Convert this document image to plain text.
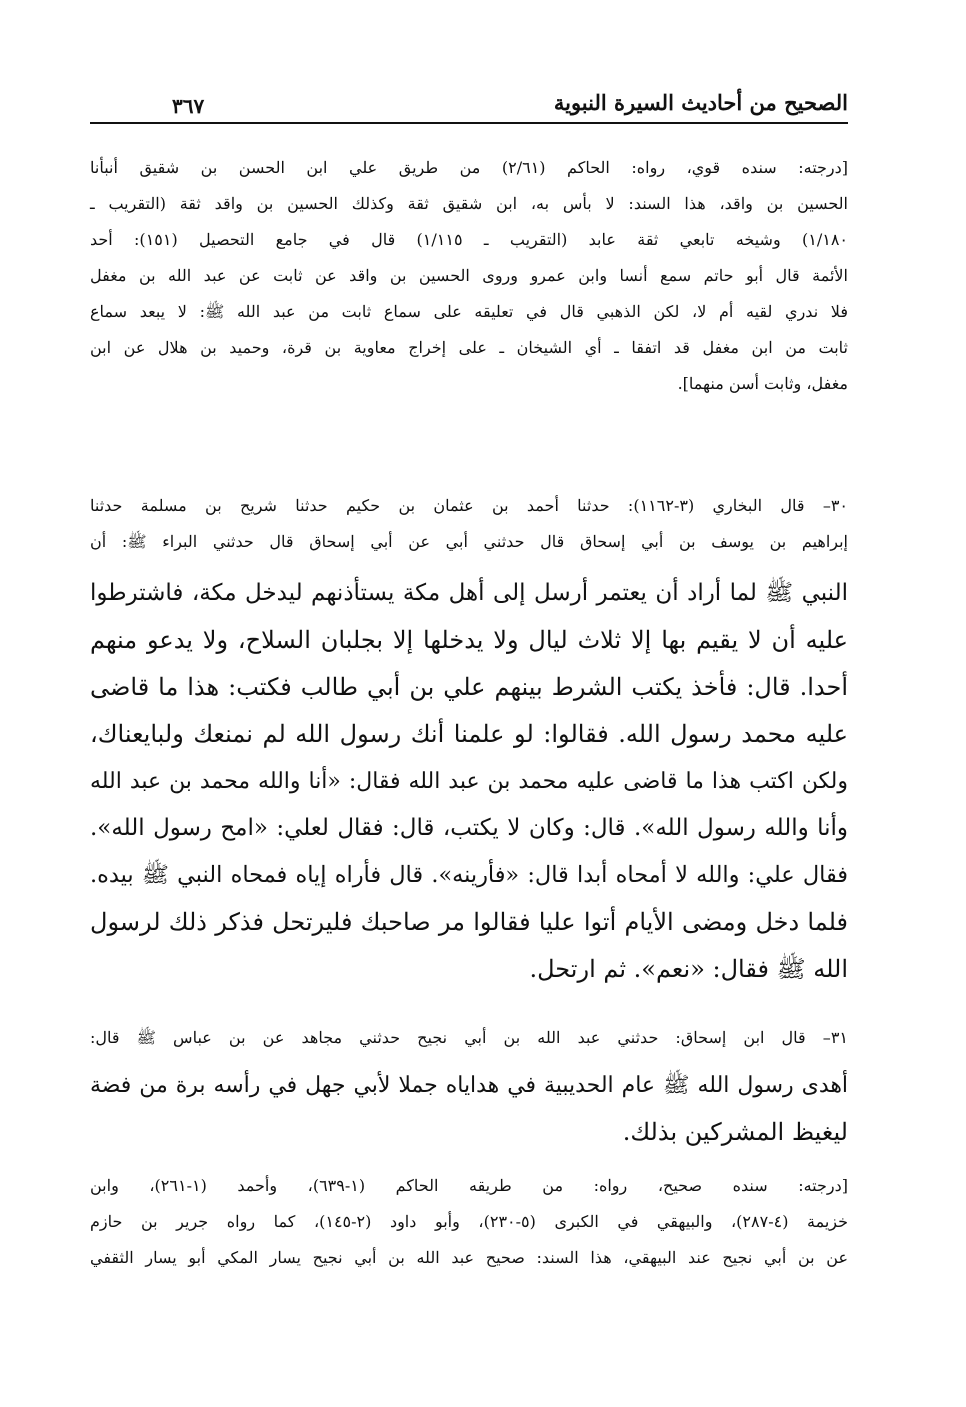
الصحيح من أحاديث السيرة النبوية
٣٦٧
[درجته: سنده قوي، رواه: الحاكم (٢/٦١) من طريق علي ابن الحسن بن شقيق أنبأنا
الحسين بن واقد، هذا السند: لا بأس به، ابن شقيق ثقة وكذلك الحسين بن واقد ثقة (التقريب ـ
١/١٨٠) وشيخه تابعي ثقة عابد (التقريب ـ ١/١١٥) قال في جامع التحصيل (١٥١): أحد
الأئمة قال أبو حاتم سمع أنسا وابن عمرو وروى الحسين بن واقد عن ثابت عن عبد الله بن مغفل
فلا ندري لقيه أم لا، لكن الذهبي قال في تعليقه على سماع ثابت من عبد الله ﷺ: لا يبعد سماع
ثابت من ابن مغفل قد اتفقا ـ أي الشيخان ـ على إخراج معاوية بن قرة، وحميد بن هلال عن ابن
مغفل، وثابت أسن منهما].
٣٠– قال البخاري (٣-١١٦٢): حدثنا أحمد بن عثمان بن حكيم حدثنا شريح بن مسلمة حدثنا
إبراهيم بن يوسف بن أبي إسحاق قال حدثني أبي عن أبي إسحاق قال حدثني البراء ﷺ: أن
النبي ﷺ لما أراد أن يعتمر أرسل إلى أهل مكة يستأذنهم ليدخل مكة، فاشترطوا
عليه أن لا يقيم بها إلا ثلاث ليال ولا يدخلها إلا بجلبان السلاح، ولا يدعو منهم
أحدا. قال: فأخذ يكتب الشرط بينهم علي بن أبي طالب فكتب: هذا ما قاضى
عليه محمد رسول الله. فقالوا: لو علمنا أنك رسول الله لم نمنعك ولبايعناك،
ولكن اكتب هذا ما قاضى عليه محمد بن عبد الله فقال: «أنا والله محمد بن عبد الله
وأنا والله رسول الله». قال: وكان لا يكتب، قال: فقال لعلي: «امح رسول الله».
فقال علي: والله لا أمحاه أبدا قال: «فأرينه». قال فأراه إياه فمحاه النبي ﷺ بيده.
فلما دخل ومضى الأيام أتوا عليا فقالوا مر صاحبك فليرتحل فذكر ذلك لرسول
الله ﷺ فقال: «نعم». ثم ارتحل.
٣١– قال ابن إسحاق: حدثني عبد الله بن أبي نجيح حدثني مجاهد عن بن عباس ﷺ قال:
أهدى رسول الله ﷺ عام الحديبية في هداياه جملا لأبي جهل في رأسه برة من فضة
ليغيظ المشركين بذلك.
[درجته: سنده صحيح، رواه: من طريقه الحاكم (١-٦٣٩)، وأحمد (١-٢٦١)، وابن
خزيمة (٤-٢٨٧)، والبيهقي في الكبرى (٥-٢٣٠)، وأبو داود (٢-١٤٥)، كما رواه جرير بن حازم
عن بن أبي نجيح عند البيهقي، هذا السند: صحيح عبد الله بن أبي نجيح يسار المكي أبو يسار الثقفي
